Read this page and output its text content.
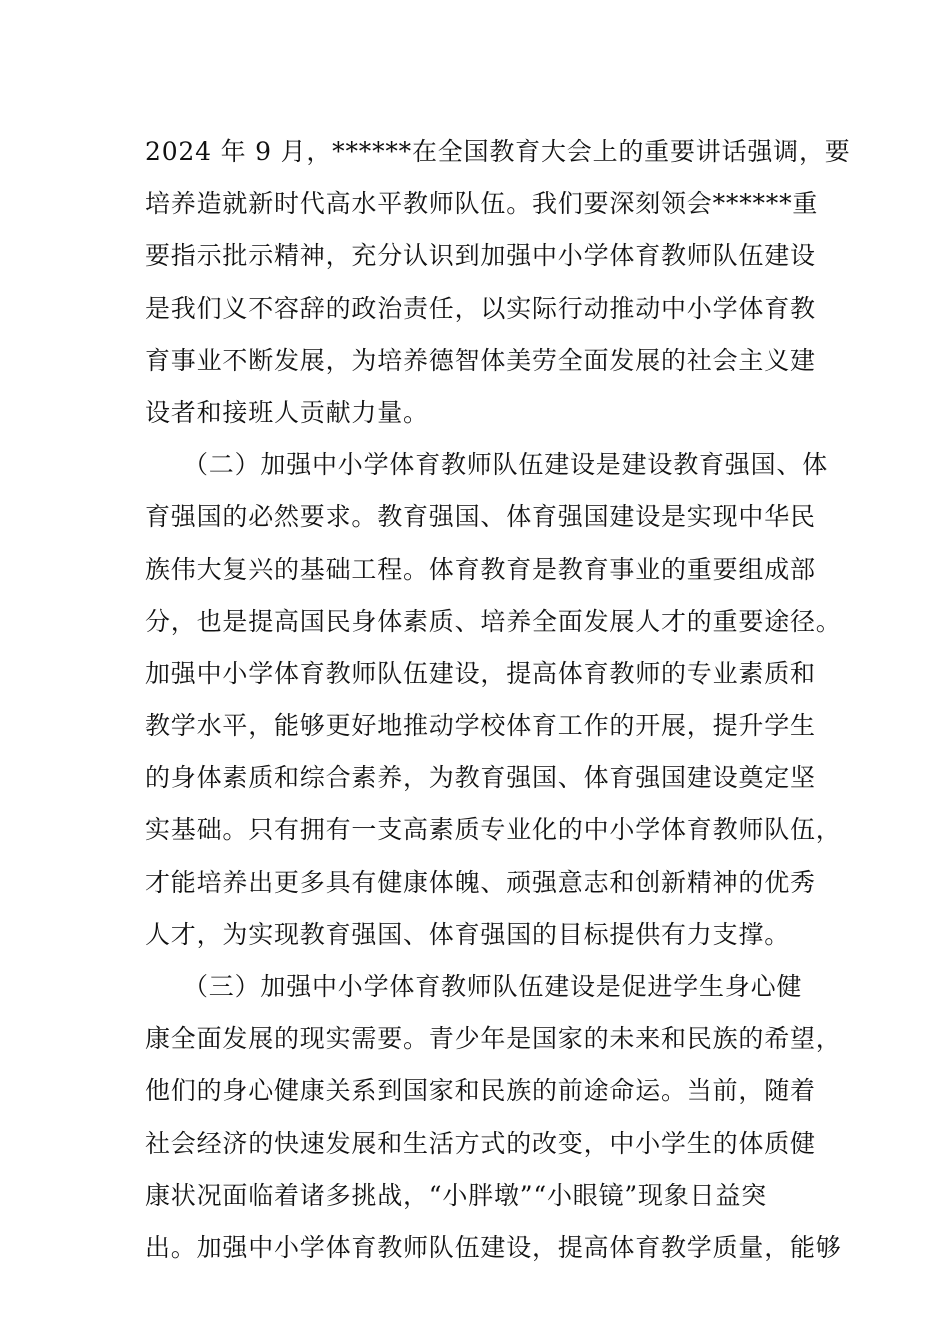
2024 年 9 月，******在全国教育大会上的重要讲话强调，要
培养造就新时代高水平教师队伍。我们要深刻领会******重
要指示批示精神，充分认识到加强中小学体育教师队伍建设
是我们义不容辞的政治责任，以实际行动推动中小学体育教
育事业不断发展，为培养德智体美劳全面发展的社会主义建
设者和接班人贡献力量。
（二）加强中小学体育教师队伍建设是建设教育强国、体
育强国的必然要求。教育强国、体育强国建设是实现中华民
族伟大复兴的基础工程。体育教育是教育事业的重要组成部
分，也是提高国民身体素质、培养全面发展人才的重要途径。
加强中小学体育教师队伍建设，提高体育教师的专业素质和
教学水平，能够更好地推动学校体育工作的开展，提升学生
的身体素质和综合素养，为教育强国、体育强国建设奠定坚
实基础。只有拥有一支高素质专业化的中小学体育教师队伍，
才能培养出更多具有健康体魄、顽强意志和创新精神的优秀
人才，为实现教育强国、体育强国的目标提供有力支撑。
（三）加强中小学体育教师队伍建设是促进学生身心健
康全面发展的现实需要。青少年是国家的未来和民族的希望，
他们的身心健康关系到国家和民族的前途命运。当前，随着
社会经济的快速发展和生活方式的改变，中小学生的体质健
康状况面临着诸多挑战，“小胖墩”“小眼镜”现象日益突
出。加强中小学体育教师队伍建设，提高体育教学质量，能够
